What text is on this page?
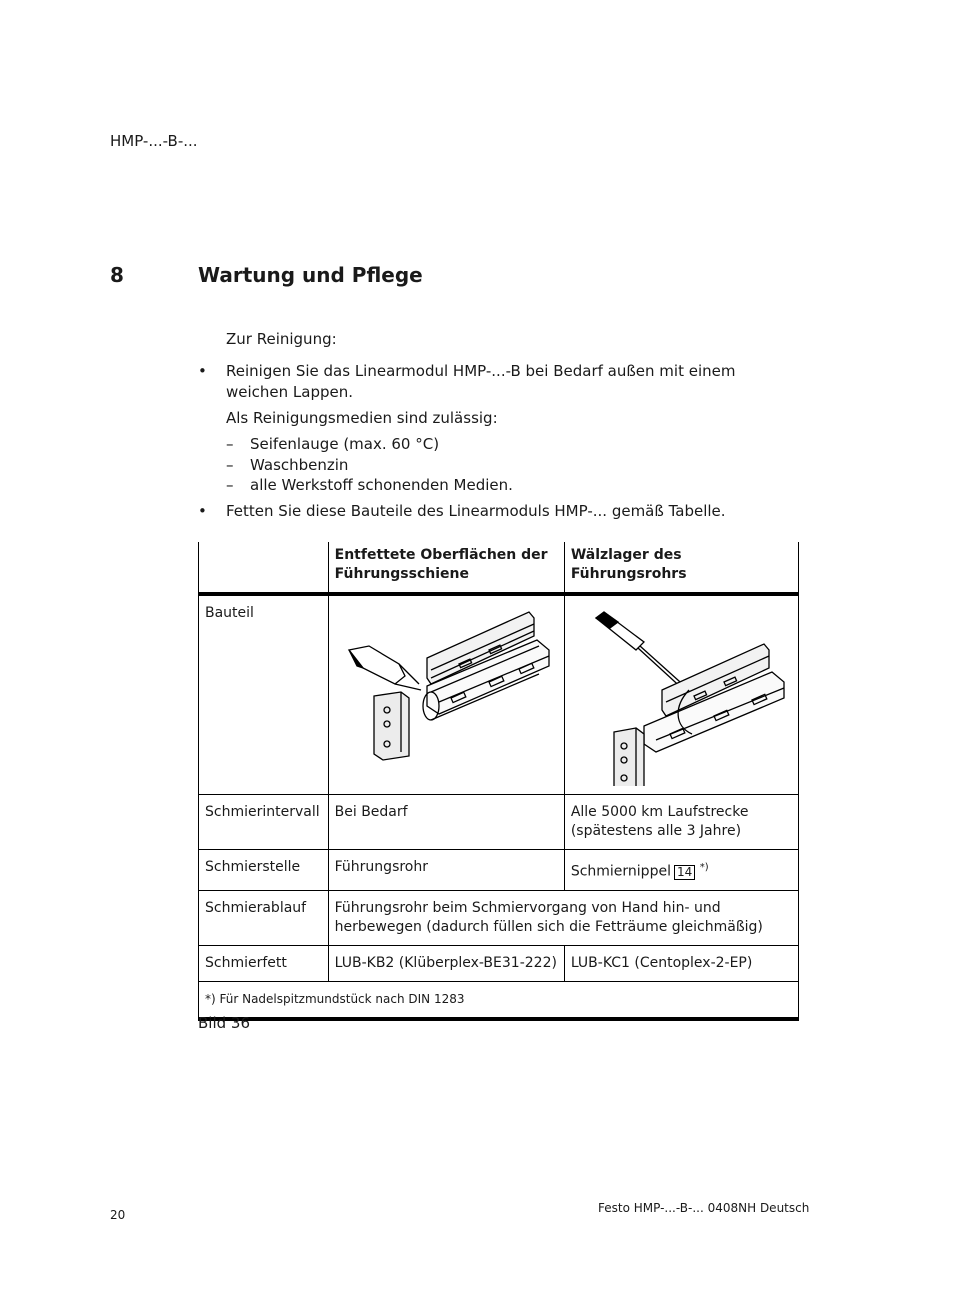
HMP-...-B-...
8	Wartung und Pflege
Zur Reinigung:
•	Reinigen Sie das Linearmodul HMP-...-B bei Bedarf außen mit einem weichen Lappen.
Als Reinigungsmedien sind zulässig:
–	Seifenlauge (max. 60 °C)
–	Waschbenzin
–	alle Werkstoff schonenden Medien.
•	Fetten Sie diese Bauteile des Linearmoduls HMP-... gemäß Tabelle.
	Entfettete Oberflächen der Führungsschiene	Wälzlager des Führungsrohrs
Bauteil	

Schmierintervall	Bei Bedarf	Alle 5000 km Laufstrecke (spätestens alle 3 Jahre)
Schmierstelle	Führungsrohr	Schmiernippel 14 *)
Schmierablauf	Führungsrohr beim Schmiervorgang von Hand hin- und herbewegen (dadurch füllen sich die Fetträume gleichmäßig)	
Schmierfett	LUB-KB2 (Klüberplex-BE31-222)	LUB-KC1 (Centoplex-2-EP)
*) Für Nadelspitzmundstück nach DIN 1283		
Bild 36
20	Festo HMP-...-B-... 0408NH Deutsch
